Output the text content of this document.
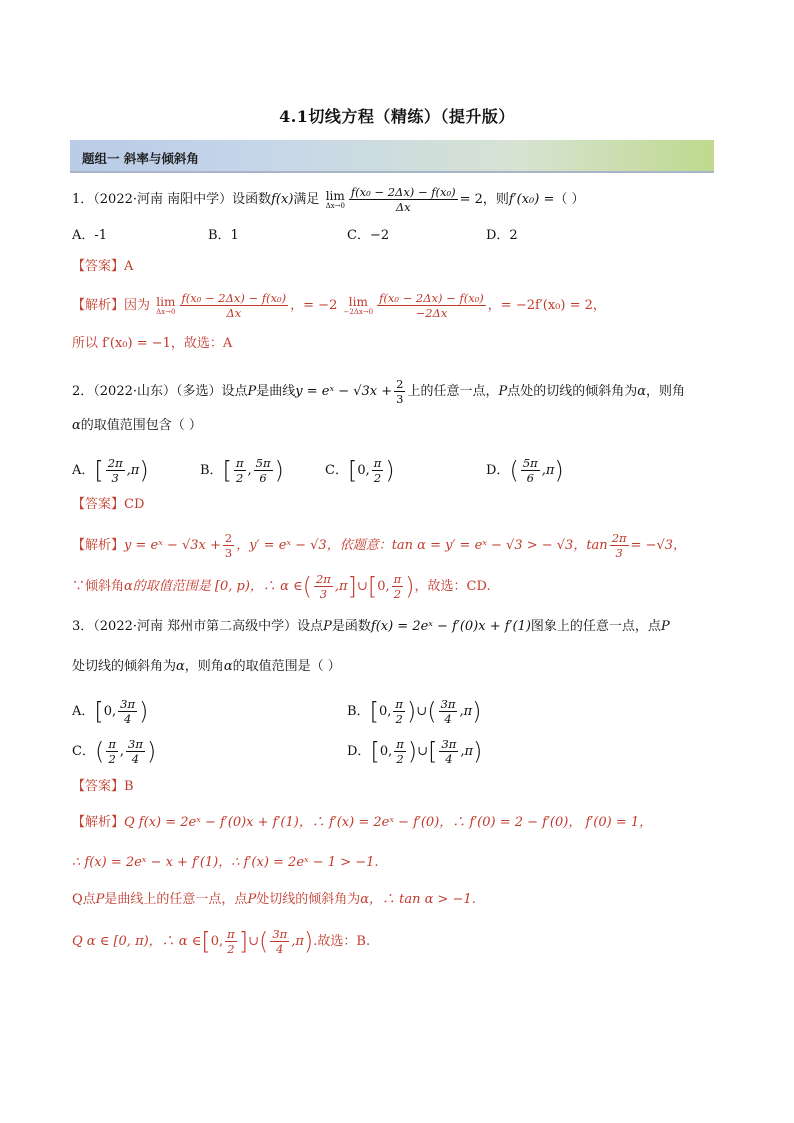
4.1切线方程（精练）（提升版）
题组一 斜率与倾斜角
1．（2022·河南 南阳中学）设函数f(x)满足 lim
$\Delta x\to 0 \frac{\text{f(x₀ − 2Δx) − f(x₀)}}{\Delta x} = 2$，则f′(x₀) =（ ）
A．-1	B．1	C．−2	D．2
【答案】A
【解析】因为 lim
$\Delta x\to 0 \frac{\text{f(x₀ − 2Δx) − f(x₀)}}{\Delta x}$ ，= −2 lim
$-2\Delta x\to 0 \frac{\text{f(x₀ − 2Δx) − f(x₀)}}{-2\Delta x}$ ，= −2f′(x₀) = 2，
所以 f′(x₀) = −1，故选：A
2．（2022·山东）（多选）设点P是曲线y = eˣ − $√3x + \frac{2}{3}$ 上的任意一点，P点处的切线的倾斜角为α，则角
α的取值范围包含（ ）
A．[ $\frac{2\pi}{3} ,\pi$)	B．[ $\frac{\pi}{2}$ , $\frac{5\pi}{6}$ )	C．[0, $\frac{\pi}{2}$ )	D．( $\frac{5\pi}{6} ,\pi$)
【答案】CD
【解析】y = eˣ − $√3x + \frac{2}{3}$ ，y′ = eˣ − √3，依题意：tan α = y′ = eˣ − √3 > − √3，$\tan \frac{2\pi}{3} = -√3$，
∵倾斜角α的取值范围是 [0, p)，∴ α ∈( $\frac{2\pi}{3}$ ,π]∪[0, $\frac{\pi}{2}$ )，故选：CD.
3．（2022·河南 郑州市第二高级中学）设点P是函数f(x) = 2eˣ − f′(0)x + f′(1)图象上的任意一点，点P
处切线的倾斜角为α，则角α的取值范围是（ ）
A．[0, $\frac{3\pi}{4}$ )	B．[0, $\frac{\pi}{2}$ )∪( $\frac{3\pi}{4} ,\pi$)
C．( $\frac{\pi}{2}$ , $\frac{3\pi}{4}$ )	D．[0, $\frac{\pi}{2}$ )∪[ $\frac{3\pi}{4} ,\pi$)
【答案】B
【解析】Q f(x) = 2eˣ − f′(0)x + f′(1)，∴ f′(x) = 2eˣ − f′(0)，∴ f′(0) = 2 − f′(0)， f′(0) = 1，
∴ f(x) = 2eˣ − x + f′(1)，∴ f′(x) = 2eˣ − 1 > −1.
Q点P是曲线上的任意一点，点P处切线的倾斜角为α，∴ tan α > −1.
Q α ∈ [0, π)，∴ α ∈[0, $\frac{\pi}{2}$ ]∪( $\frac{3\pi}{4} ,\pi$).故选：B.
